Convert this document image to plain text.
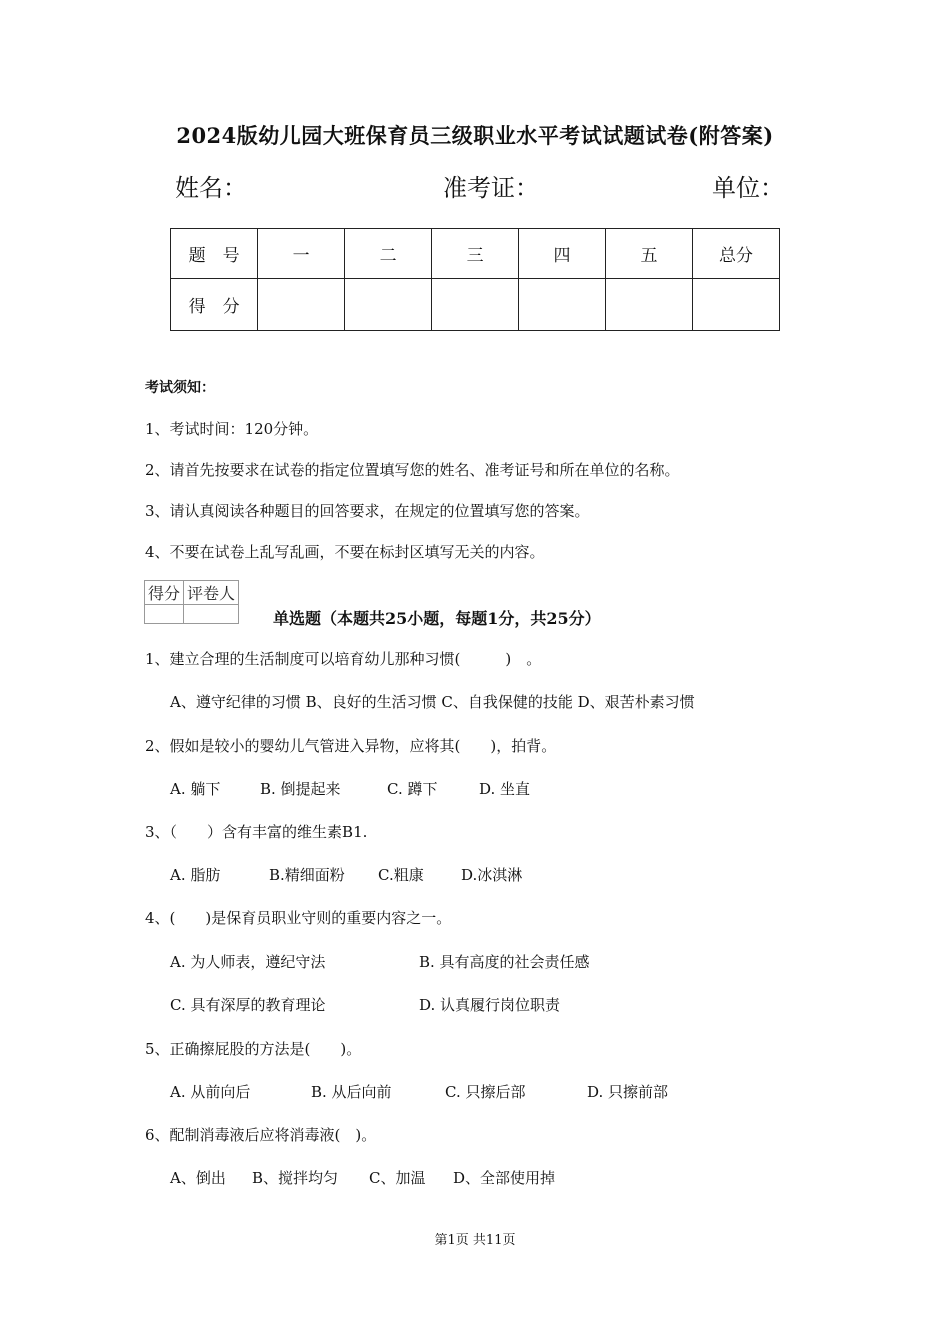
2024版幼儿园大班保育员三级职业水平考试试题试卷(附答案)
姓名：	准考证：	单位：
题　号	一	二	三	四	五	总分
得　分						
考试须知：
1、考试时间：120分钟。
2、请首先按要求在试卷的指定位置填写您的姓名、准考证号和所在单位的名称。
3、请认真阅读各种题目的回答要求，在规定的位置填写您的答案。
4、不要在试卷上乱写乱画，不要在标封区填写无关的内容。
得分	评卷人

单选题（本题共25小题，每题1分，共25分）
1、建立合理的生活制度可以培育幼儿那种习惯(　　　)　。
A、遵守纪律的习惯 B、良好的生活习惯 C、自我保健的技能 D、艰苦朴素习惯
2、假如是较小的婴幼儿气管进入异物，应将其(　　)，拍背。
A. 躺下	B. 倒提起来	C. 蹲下	D. 坐直
3、（　　）含有丰富的维生素B1.
A. 脂肪	B.精细面粉 C.粗康 D.冰淇淋
4、(　　)是保育员职业守则的重要内容之一。
A. 为人师表，遵纪守法	B. 具有高度的社会责任感
C. 具有深厚的教育理论	D. 认真履行岗位职责
5、正确擦屁股的方法是(　　)。
A. 从前向后	B. 从后向前	C. 只擦后部	D. 只擦前部
6、配制消毒液后应将消毒液(　)。
A、倒出 B、搅拌均匀 C、加温 D、全部使用掉
第1页 共11页
